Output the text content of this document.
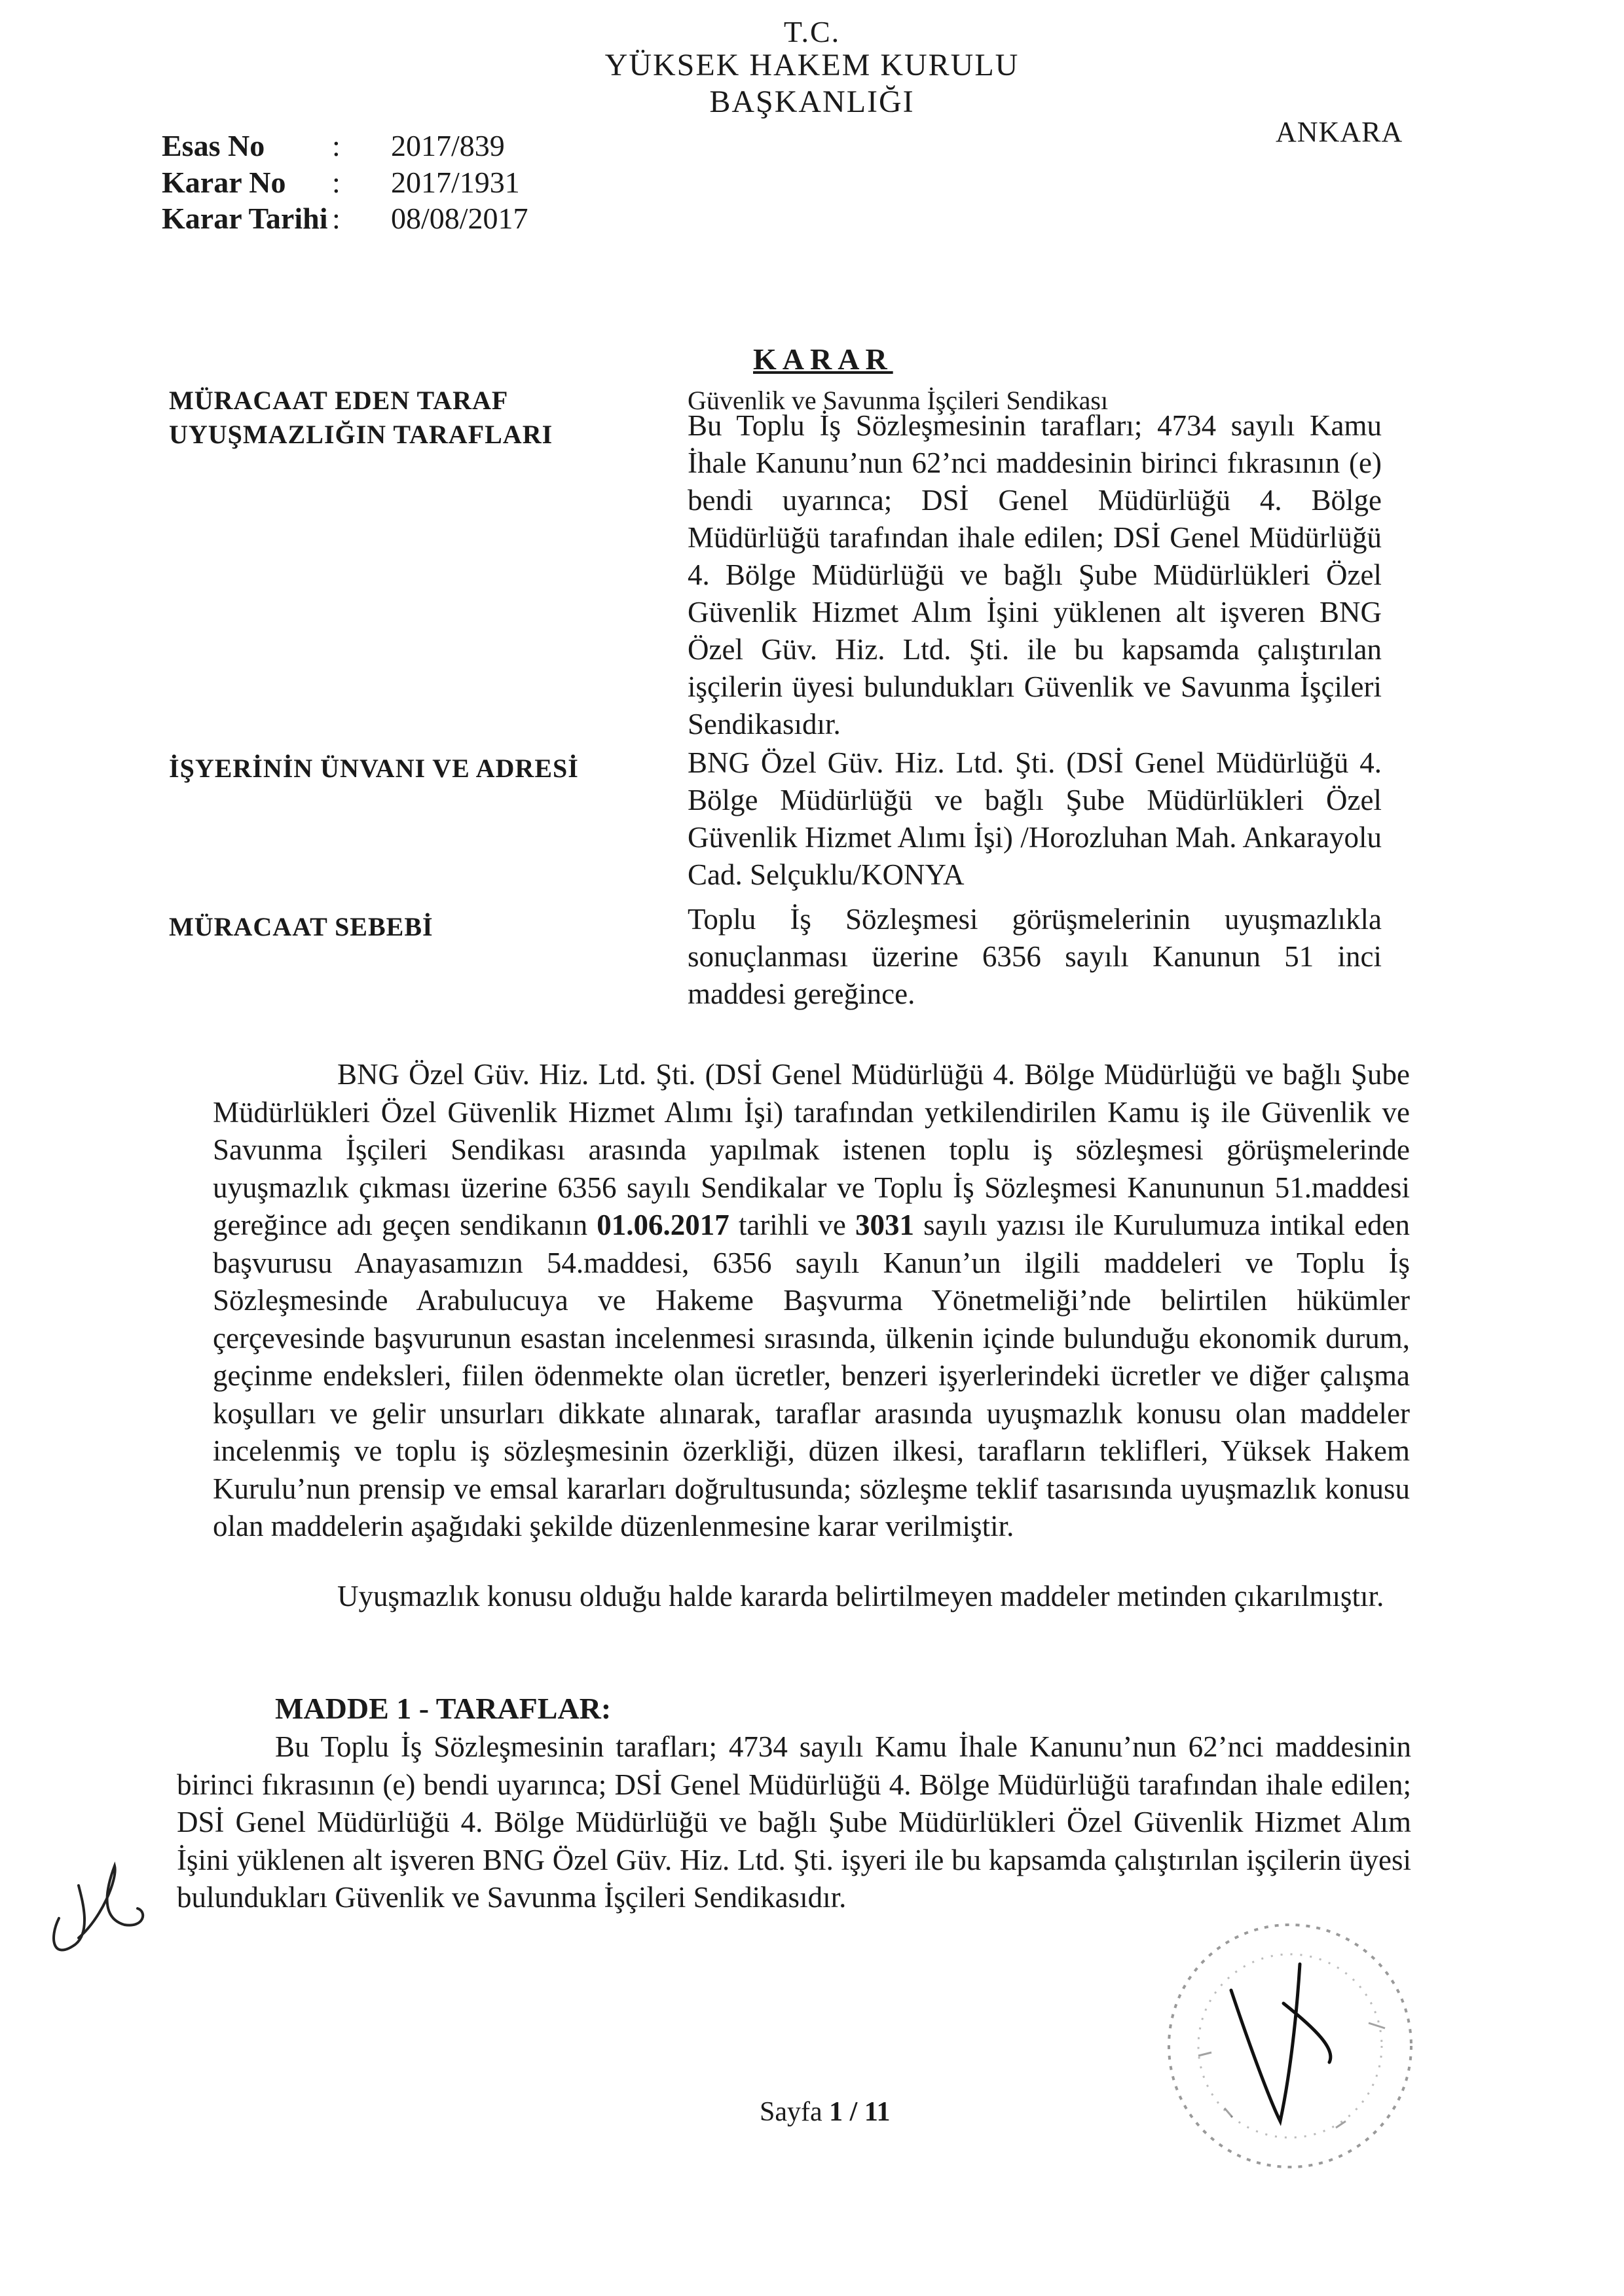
T.C.
YÜKSEK HAKEM KURULU
BAŞKANLIĞI
ANKARA
Esas No : 2017/839
Karar No : 2017/1931
Karar Tarihi : 08/08/2017
KARAR
MÜRACAAT EDEN TARAF
UYUŞMAZLIĞIN TARAFLARI
İŞYERİNİN ÜNVANI VE ADRESİ
MÜRACAAT SEBEBİ
Güvenlik ve Savunma İşçileri Sendikası
Bu Toplu İş Sözleşmesinin tarafları; 4734 sayılı Kamu İhale Kanunu’nun 62’nci maddesinin birinci fıkrasının (e) bendi uyarınca; DSİ Genel Müdürlüğü 4. Bölge Müdürlüğü tarafından ihale edilen; DSİ Genel Müdürlüğü 4. Bölge Müdürlüğü ve bağlı Şube Müdürlükleri Özel Güvenlik Hizmet Alım İşini yüklenen alt işveren BNG Özel Güv. Hiz. Ltd. Şti. ile bu kapsamda çalıştırılan işçilerin üyesi bulundukları Güvenlik ve Savunma İşçileri Sendikasıdır.
BNG Özel Güv. Hiz. Ltd. Şti. (DSİ Genel Müdürlüğü 4. Bölge Müdürlüğü ve bağlı Şube Müdürlükleri Özel Güvenlik Hizmet Alımı İşi) /Horozluhan Mah. Ankarayolu Cad. Selçuklu/KONYA
Toplu İş Sözleşmesi görüşmelerinin uyuşmazlıkla sonuçlanması üzerine 6356 sayılı Kanunun 51 inci maddesi gereğince.
BNG Özel Güv. Hiz. Ltd. Şti. (DSİ Genel Müdürlüğü 4. Bölge Müdürlüğü ve bağlı Şube Müdürlükleri Özel Güvenlik Hizmet Alımı İşi) tarafından yetkilendirilen Kamu iş ile Güvenlik ve Savunma İşçileri Sendikası arasında yapılmak istenen toplu iş sözleşmesi görüşmelerinde uyuşmazlık çıkması üzerine 6356 sayılı Sendikalar ve Toplu İş Sözleşmesi Kanununun 51.maddesi gereğince adı geçen sendikanın 01.06.2017 tarihli ve 3031 sayılı yazısı ile Kurulumuza intikal eden başvurusu Anayasamızın 54.maddesi, 6356 sayılı Kanun’un ilgili maddeleri ve Toplu İş Sözleşmesinde Arabulucuya ve Hakeme Başvurma Yönetmeliği’nde belirtilen hükümler çerçevesinde başvurunun esastan incelenmesi sırasında, ülkenin içinde bulunduğu ekonomik durum, geçinme endeksleri, fiilen ödenmekte olan ücretler, benzeri işyerlerindeki ücretler ve diğer çalışma koşulları ve gelir unsurları dikkate alınarak, taraflar arasında uyuşmazlık konusu olan maddeler incelenmiş ve toplu iş sözleşmesinin özerkliği, düzen ilkesi, tarafların teklifleri, Yüksek Hakem Kurulu’nun prensip ve emsal kararları doğrultusunda; sözleşme teklif tasarısında uyuşmazlık konusu olan maddelerin aşağıdaki şekilde düzenlenmesine karar verilmiştir.
Uyuşmazlık konusu olduğu halde kararda belirtilmeyen maddeler metinden çıkarılmıştır.
MADDE 1 - TARAFLAR:
Bu Toplu İş Sözleşmesinin tarafları; 4734 sayılı Kamu İhale Kanunu’nun 62’nci maddesinin birinci fıkrasının (e) bendi uyarınca; DSİ Genel Müdürlüğü 4. Bölge Müdürlüğü tarafından ihale edilen; DSİ Genel Müdürlüğü 4. Bölge Müdürlüğü ve bağlı Şube Müdürlükleri Özel Güvenlik Hizmet Alım İşini yüklenen alt işveren BNG Özel Güv. Hiz. Ltd. Şti. işyeri ile bu kapsamda çalıştırılan işçilerin üyesi bulundukları Güvenlik ve Savunma İşçileri Sendikasıdır.
Sayfa 1 / 11
